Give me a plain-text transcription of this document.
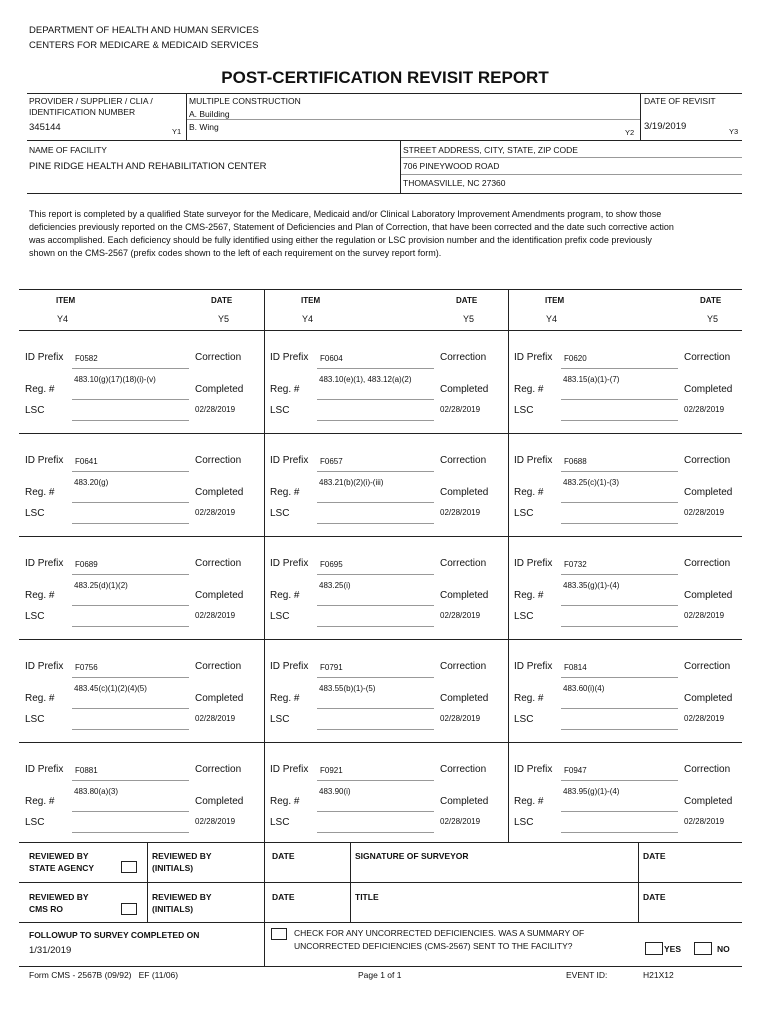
DEPARTMENT OF HEALTH AND HUMAN SERVICES
CENTERS FOR MEDICARE & MEDICAID SERVICES
POST-CERTIFICATION REVISIT REPORT
PROVIDER / SUPPLIER / CLIA /
IDENTIFICATION NUMBER
345144	Y1
MULTIPLE CONSTRUCTION
A. Building
B. Wing
Y2
DATE OF REVISIT
3/19/2019	Y3
NAME OF FACILITY
PINE RIDGE HEALTH AND REHABILITATION CENTER
STREET ADDRESS, CITY, STATE, ZIP CODE
706 PINEYWOOD ROAD
THOMASVILLE, NC 27360
This report is completed by a qualified State surveyor for the Medicare, Medicaid and/or Clinical Laboratory Improvement Amendments program, to show those deficiencies previously reported on the CMS-2567, Statement of Deficiencies and Plan of Correction, that have been corrected and the date such corrective action was accomplished. Each deficiency should be fully identified using either the regulation or LSC provision number and the identification prefix code previously shown on the CMS-2567 (prefix codes shown to the left of each requirement on the survey report form).
ITEM
Y4
DATE
Y5
ITEM
Y4
DATE
Y5
ITEM
Y4
DATE
Y5
ID Prefix F0582	Correction
Reg. #
483.10(g)(17)(18)(i)-(v)
Completed
LSC	02/28/2019
ID Prefix F0604	Correction
Reg. #
483.10(e)(1), 483.12(a)(2)
Completed
LSC	02/28/2019
ID Prefix F0620	Correction
Reg. #
483.15(a)(1)-(7)
Completed
LSC	02/28/2019
ID Prefix F0641	Correction
Reg. #
483.20(g)
Completed
LSC	02/28/2019
ID Prefix F0657	Correction
Reg. #
483.21(b)(2)(i)-(iii)
Completed
LSC	02/28/2019
ID Prefix F0688	Correction
Reg. #
483.25(c)(1)-(3)
Completed
LSC	02/28/2019
ID Prefix F0689	Correction
Reg. #
483.25(d)(1)(2)
Completed
LSC	02/28/2019
ID Prefix F0695	Correction
Reg. #
483.25(i)
Completed
LSC	02/28/2019
ID Prefix F0732	Correction
Reg. #
483.35(g)(1)-(4)
Completed
LSC	02/28/2019
ID Prefix F0756	Correction
Reg. #
483.45(c)(1)(2)(4)(5)
Completed
LSC	02/28/2019
ID Prefix F0791	Correction
Reg. #
483.55(b)(1)-(5)
Completed
LSC	02/28/2019
ID Prefix F0814	Correction
Reg. #
483.60(i)(4)
Completed
LSC	02/28/2019
ID Prefix F0881	Correction
Reg. #
483.80(a)(3)
Completed
LSC	02/28/2019
ID Prefix F0921	Correction
Reg. #
483.90(i)
Completed
LSC	02/28/2019
ID Prefix F0947	Correction
Reg. #
483.95(g)(1)-(4)
Completed
LSC	02/28/2019
REVIEWED BY
STATE AGENCY
REVIEWED BY
(INITIALS)
DATE	SIGNATURE OF SURVEYOR	DATE
REVIEWED BY
CMS RO
REVIEWED BY
(INITIALS)
DATE	TITLE	DATE
FOLLOWUP TO SURVEY COMPLETED ON
1/31/2019
CHECK FOR ANY UNCORRECTED DEFICIENCIES. WAS A SUMMARY OF
UNCORRECTED DEFICIENCIES (CMS-2567) SENT TO THE FACILITY?	YES	NO
Form CMS - 2567B (09/92)   EF (11/06)	Page 1 of 1	EVENT ID:	H21X12
